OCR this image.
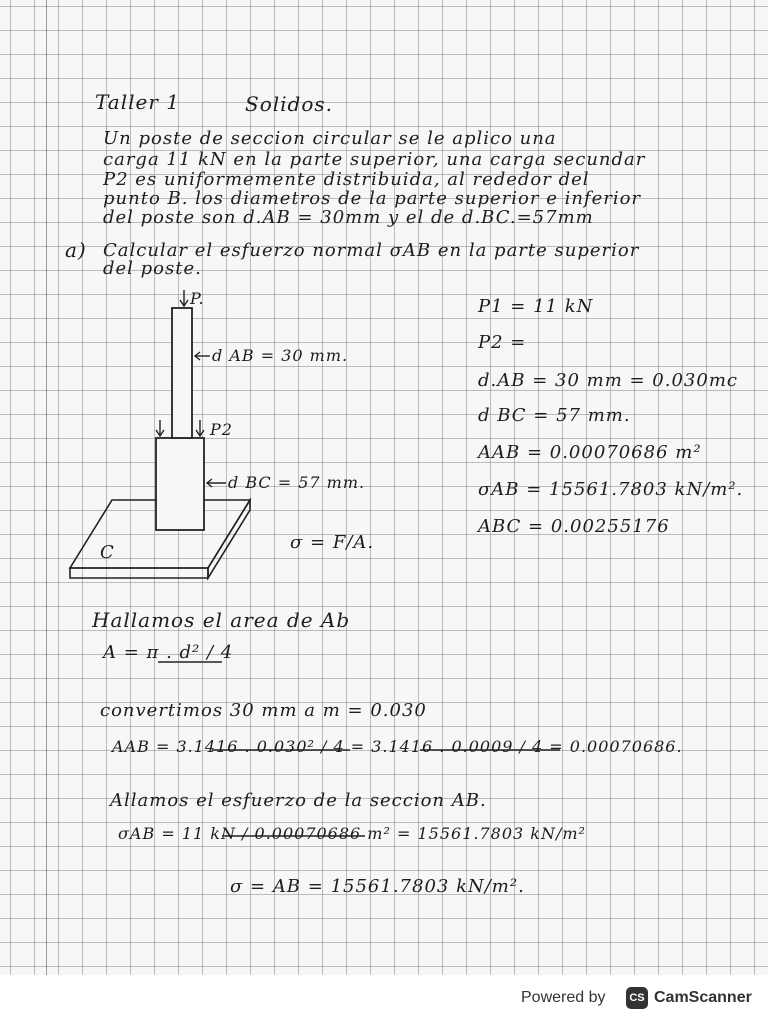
Taller 1	Solidos.
Un poste de seccion circular se le aplico una
carga 11 kN en la parte superior, una carga secundar
P2 es uniformemente distribuida, al rededor del
punto B. los diametros de la parte superior e inferior
del poste son d.AB = 30mm y el de d.BC.=57mm
a) Calcular el esfuerzo normal σAB en la parte superior
del poste.
P.
P2
d AB = 30 mm.
d BC = 57 mm.
C	σ = F/A.
P1 = 11 kN
P2 =
d.AB = 30 mm = 0.030mc
d BC = 57 mm.
AAB = 0.00070686 m²
σAB = 15561.7803 kN/m².
ABC = 0.00255176
Hallamos el area de Ab
A = π . d² / 4
convertimos 30 mm a m = 0.030
AAB = 3.1416 . 0.030² / 4 = 3.1416 . 0.0009 / 4 = 0.00070686.
Allamos el esfuerzo de la seccion AB.
σAB = 11 kN / 0.00070686 m² = 15561.7803 kN/m²
σ = AB = 15561.7803 kN/m².
Powered by	CS CamScanner
